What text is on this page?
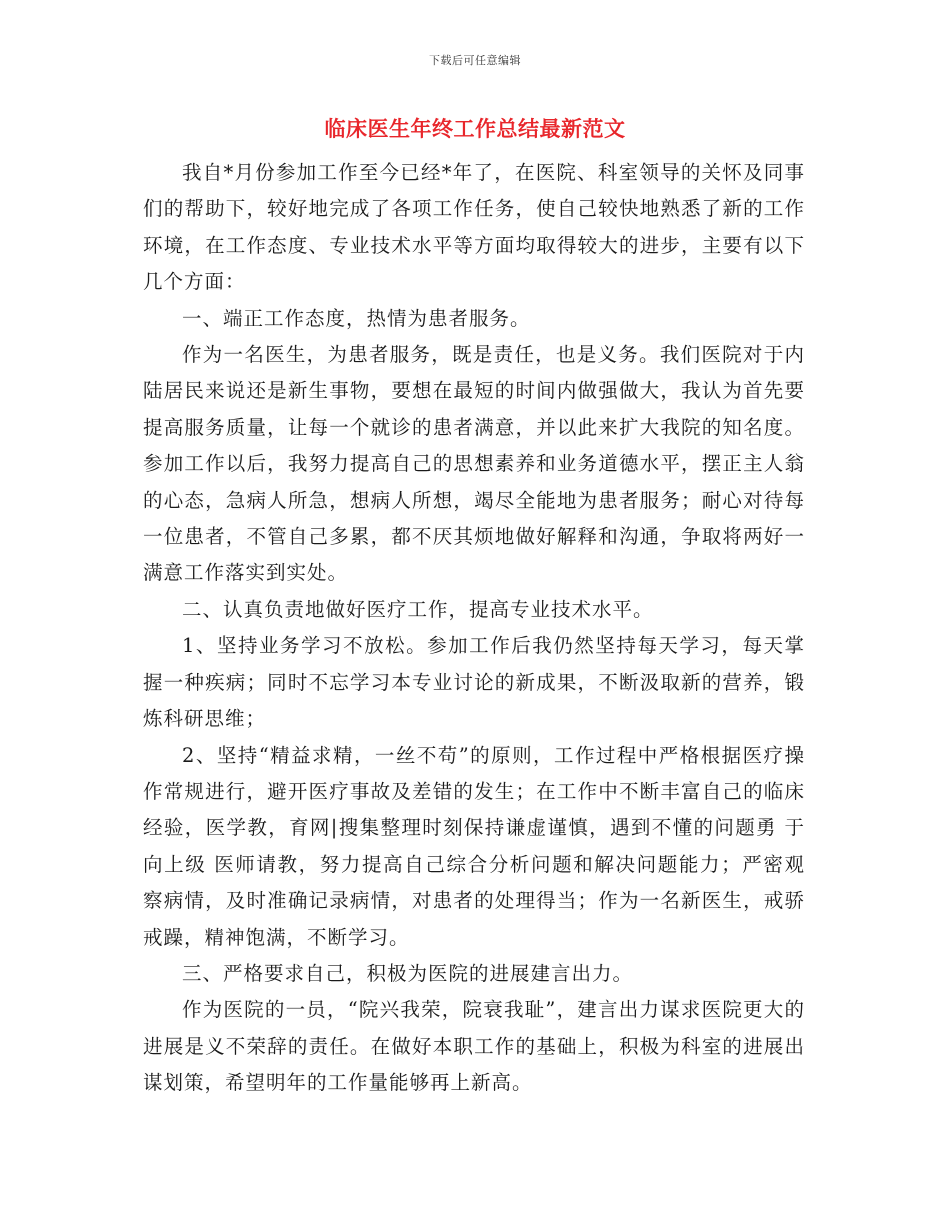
下载后可任意编辑
临床医生年终工作总结最新范文

我自*月份参加工作至今已经*年了，在医院、科室领导的关怀及同事们的帮助下，较好地完成了各项工作任务，使自己较快地熟悉了新的工作环境，在工作态度、专业技术水平等方面均取得较大的进步，主要有以下几个方面：

一、端正工作态度，热情为患者服务。

作为一名医生，为患者服务，既是责任，也是义务。我们医院对于内陆居民来说还是新生事物，要想在最短的时间内做强做大，我认为首先要提高服务质量，让每一个就诊的患者满意，并以此来扩大我院的知名度。参加工作以后，我努力提高自己的思想素养和业务道德水平，摆正主人翁的心态，急病人所急，想病人所想，竭尽全能地为患者服务；耐心对待每一位患者，不管自己多累，都不厌其烦地做好解释和沟通，争取将两好一满意工作落实到实处。

二、认真负责地做好医疗工作，提高专业技术水平。

1、坚持业务学习不放松。参加工作后我仍然坚持每天学习，每天掌握一种疾病；同时不忘学习本专业讨论的新成果，不断汲取新的营养，锻炼科研思维；

2、坚持“精益求精，一丝不苟”的原则，工作过程中严格根据医疗操作常规进行，避开医疗事故及差错的发生；在工作中不断丰富自己的临床经验，医学教，育网|搜集整理时刻保持谦虚谨慎，遇到不懂的问题勇 于向上级 医师请教，努力提高自己综合分析问题和解决问题能力；严密观察病情，及时准确记录病情，对患者的处理得当；作为一名新医生，戒骄戒躁，精神饱满，不断学习。

三、严格要求自己，积极为医院的进展建言出力。

作为医院的一员，“院兴我荣，院衰我耻”，建言出力谋求医院更大的进展是义不荣辞的责任。在做好本职工作的基础上，积极为科室的进展出谋划策，希望明年的工作量能够再上新高。
